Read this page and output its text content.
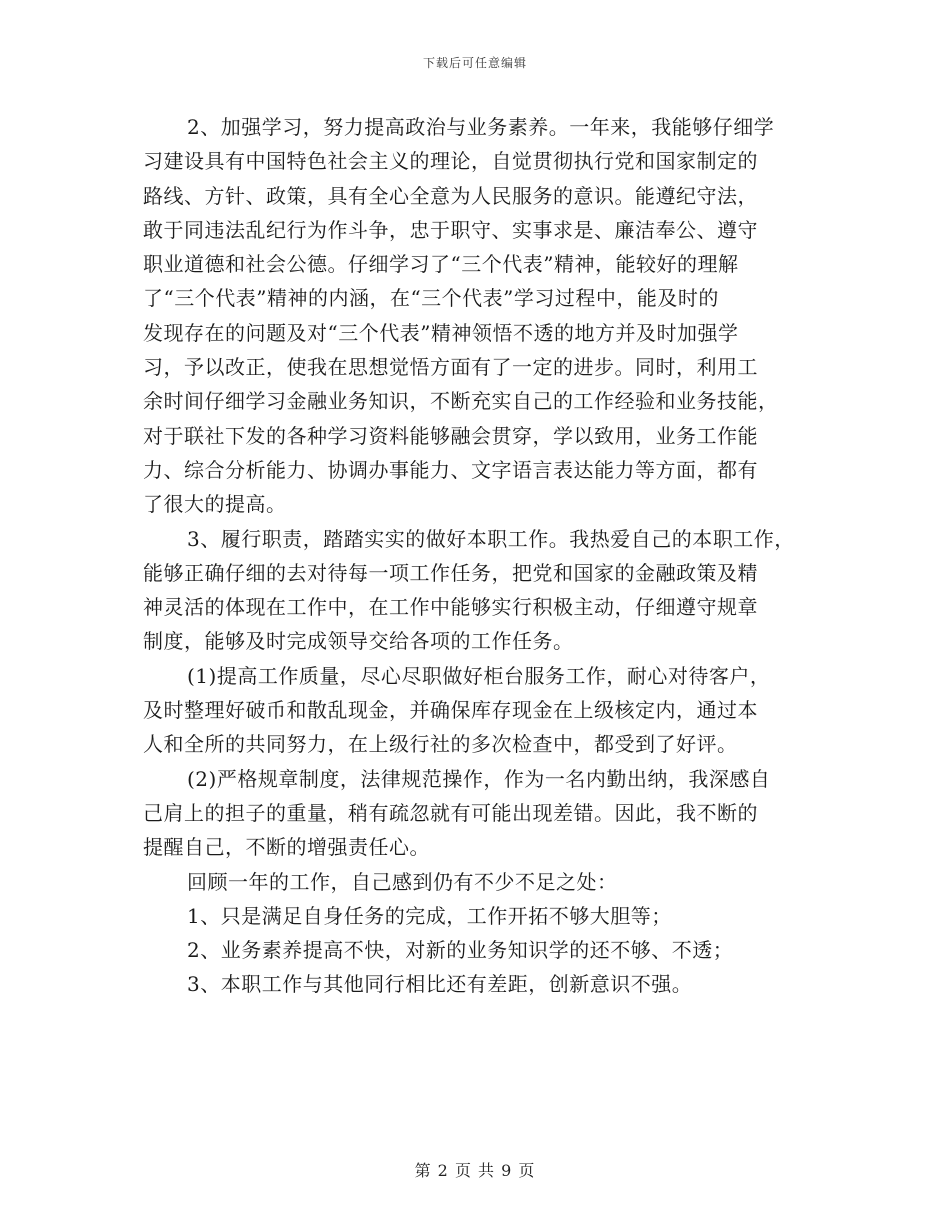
下载后可任意编辑
2、加强学习，努力提高政治与业务素养。一年来，我能够仔细学
习建设具有中国特色社会主义的理论，自觉贯彻执行党和国家制定的
路线、方针、政策，具有全心全意为人民服务的意识。能遵纪守法，
敢于同违法乱纪行为作斗争，忠于职守、实事求是、廉洁奉公、遵守
职业道德和社会公德。仔细学习了“三个代表”精神，能较好的理解
了“三个代表”精神的内涵，在“三个代表”学习过程中，能及时的
发现存在的问题及对“三个代表”精神领悟不透的地方并及时加强学
习，予以改正，使我在思想觉悟方面有了一定的进步。同时，利用工
余时间仔细学习金融业务知识，不断充实自己的工作经验和业务技能，
对于联社下发的各种学习资料能够融会贯穿，学以致用，业务工作能
力、综合分析能力、协调办事能力、文字语言表达能力等方面，都有
了很大的提高。
3、履行职责，踏踏实实的做好本职工作。我热爱自己的本职工作，
能够正确仔细的去对待每一项工作任务，把党和国家的金融政策及精
神灵活的体现在工作中，在工作中能够实行积极主动，仔细遵守规章
制度，能够及时完成领导交给各项的工作任务。
(1)提高工作质量，尽心尽职做好柜台服务工作，耐心对待客户，
及时整理好破币和散乱现金，并确保库存现金在上级核定内，通过本
人和全所的共同努力，在上级行社的多次检查中，都受到了好评。
(2)严格规章制度，法律规范操作，作为一名内勤出纳，我深感自
己肩上的担子的重量，稍有疏忽就有可能出现差错。因此，我不断的
提醒自己，不断的增强责任心。
回顾一年的工作，自己感到仍有不少不足之处：
1、只是满足自身任务的完成，工作开拓不够大胆等；
2、业务素养提高不快，对新的业务知识学的还不够、不透；
3、本职工作与其他同行相比还有差距，创新意识不强。
第 2 页 共 9 页
